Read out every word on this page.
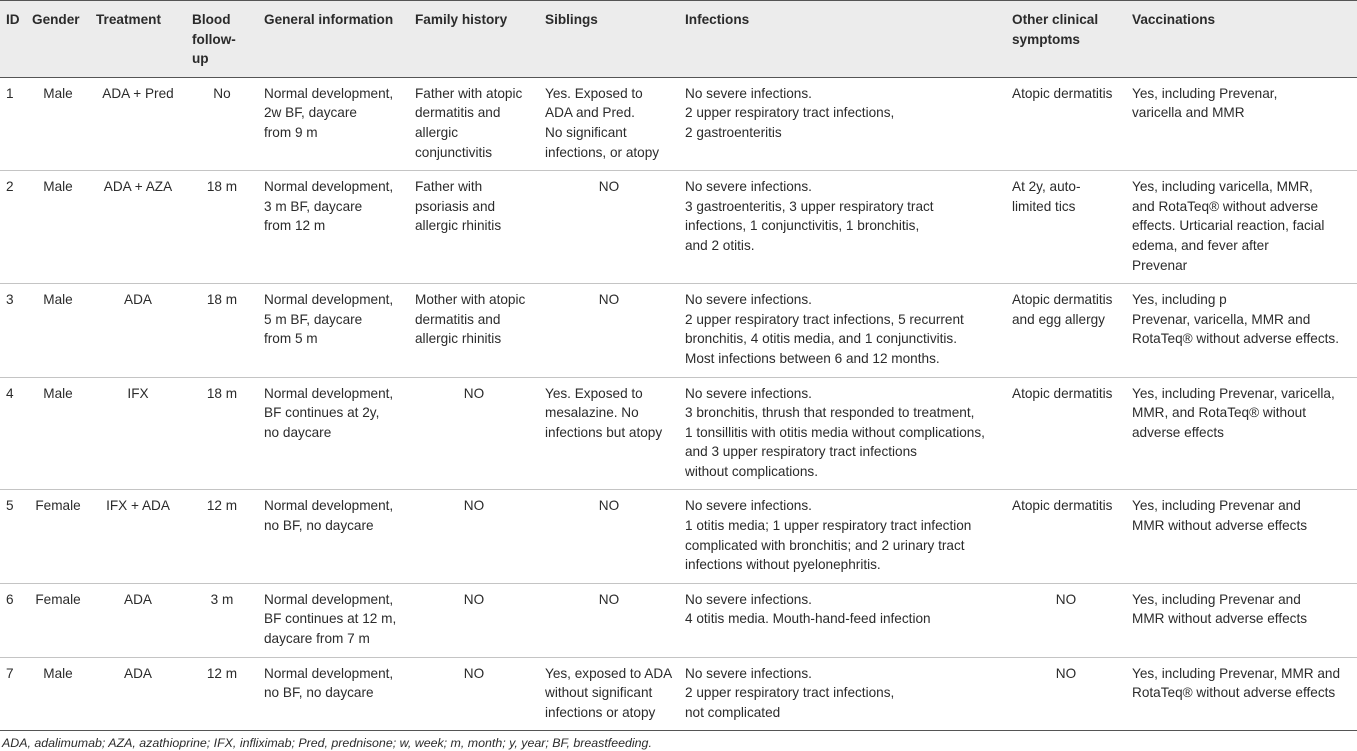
ID	Gender	Treatment	Blood
follow-up	General information	Family history	Siblings	Infections	Other clinical
symptoms	Vaccinations
1	Male	ADA + Pred	No	Normal development,
2w BF, daycare
from 9 m	Father with atopic
dermatitis and
allergic conjunctivitis	Yes. Exposed to
ADA and Pred.
No significant
infections, or atopy	No severe infections.
2 upper respiratory tract infections,
2 gastroenteritis	Atopic dermatitis	Yes, including Prevenar,
varicella and MMR
2	Male	ADA + AZA	18 m	Normal development,
3 m BF, daycare
from 12 m	Father with
psoriasis and
allergic rhinitis	NO	No severe infections.
3 gastroenteritis, 3 upper respiratory tract
infections, 1 conjunctivitis, 1 bronchitis,
and 2 otitis.	At 2y, auto-
limited tics	Yes, including varicella, MMR,
and RotaTeq® without adverse
effects. Urticarial reaction, facial
edema, and fever after
Prevenar
3	Male	ADA	18 m	Normal development,
5 m BF, daycare
from 5 m	Mother with atopic
dermatitis and
allergic rhinitis	NO	No severe infections.
2 upper respiratory tract infections, 5 recurrent
bronchitis, 4 otitis media, and 1 conjunctivitis.
Most infections between 6 and 12 months.	Atopic dermatitis
and egg allergy	Yes, including p
Prevenar, varicella, MMR and
RotaTeq® without adverse effects.
4	Male	IFX	18 m	Normal development,
BF continues at 2y,
no daycare	NO	Yes. Exposed to
mesalazine. No
infections but atopy	No severe infections.
3 bronchitis, thrush that responded to treatment,
1 tonsillitis with otitis media without complications,
and 3 upper respiratory tract infections
without complications.	Atopic dermatitis	Yes, including Prevenar, varicella,
MMR, and RotaTeq® without
adverse effects
5	Female	IFX + ADA	12 m	Normal development,
no BF, no daycare	NO	NO	No severe infections.
1 otitis media; 1 upper respiratory tract infection
complicated with bronchitis; and 2 urinary tract
infections without pyelonephritis.	Atopic dermatitis	Yes, including Prevenar and
MMR without adverse effects
6	Female	ADA	3 m	Normal development,
BF continues at 12 m,
daycare from 7 m	NO	NO	No severe infections.
4 otitis media. Mouth-hand-feed infection	NO	Yes, including Prevenar and
MMR without adverse effects
7	Male	ADA	12 m	Normal development,
no BF, no daycare	NO	Yes, exposed to ADA
without significant
infections or atopy	No severe infections.
2 upper respiratory tract infections,
not complicated	NO	Yes, including Prevenar, MMR and
RotaTeq® without adverse effects
ADA, adalimumab; AZA, azathioprine; IFX, infliximab; Pred, prednisone; w, week; m, month; y, year; BF, breastfeeding.
